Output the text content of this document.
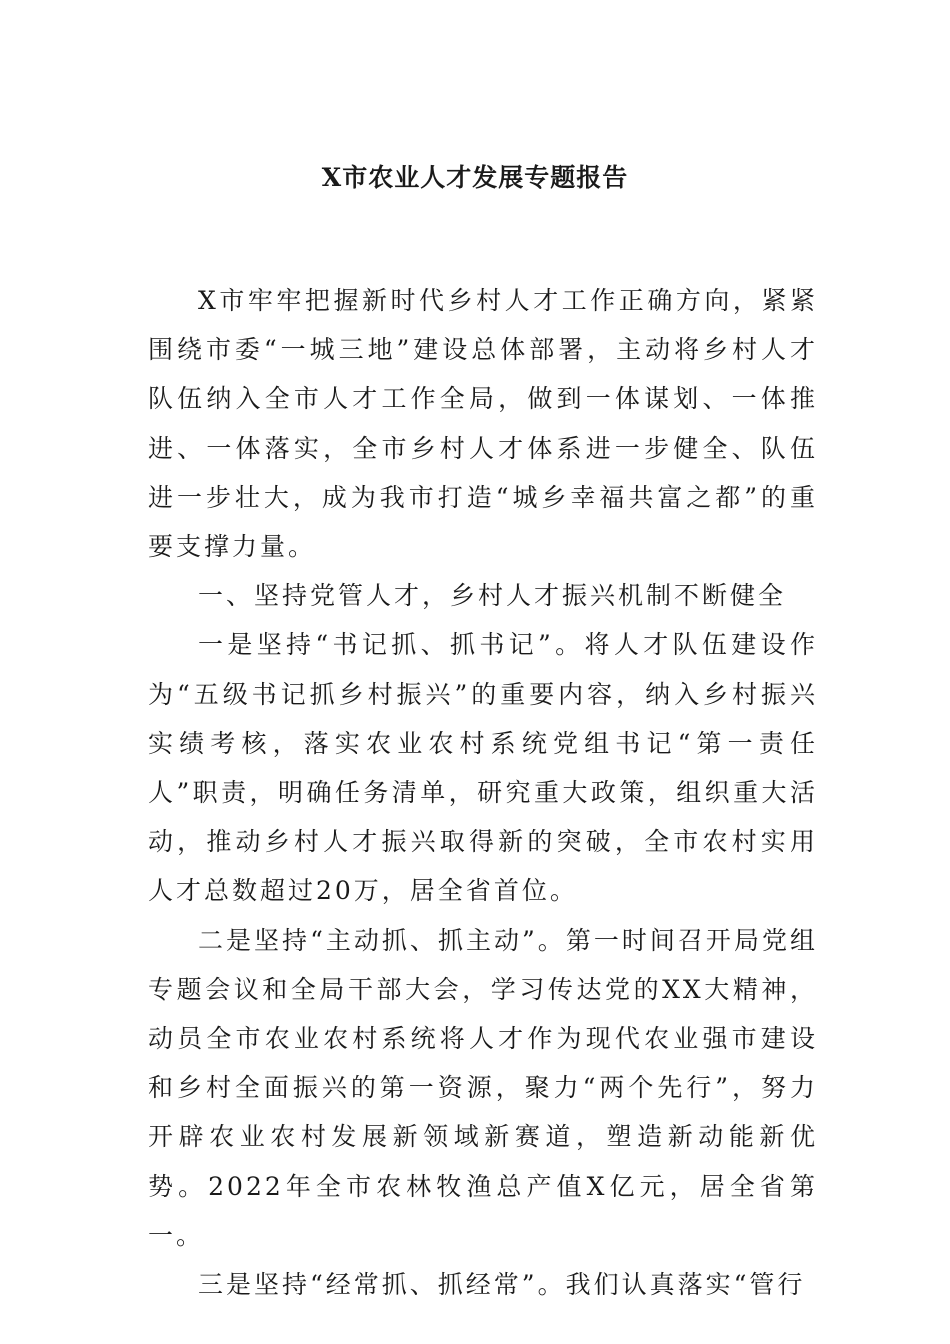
X市农业人才发展专题报告

X市牢牢把握新时代乡村人才工作正确方向，紧紧围绕市委“一城三地”建设总体部署，主动将乡村人才队伍纳入全市人才工作全局，做到一体谋划、一体推进、一体落实，全市乡村人才体系进一步健全、队伍进一步壮大，成为我市打造“城乡幸福共富之都”的重要支撑力量。

一、坚持党管人才，乡村人才振兴机制不断健全

一是坚持“书记抓、抓书记”。将人才队伍建设作为“五级书记抓乡村振兴”的重要内容，纳入乡村振兴实绩考核，落实农业农村系统党组书记“第一责任人”职责，明确任务清单，研究重大政策，组织重大活动，推动乡村人才振兴取得新的突破，全市农村实用人才总数超过20万，居全省首位。

二是坚持“主动抓、抓主动”。第一时间召开局党组专题会议和全局干部大会，学习传达党的XX大精神，动员全市农业农村系统将人才作为现代农业强市建设和乡村全面振兴的第一资源，聚力“两个先行”，努力开辟农业农村发展新领域新赛道，塑造新动能新优势。2022年全市农林牧渔总产值X亿元，居全省第一。

三是坚持“经常抓、抓经常”。我们认真落实“管行
